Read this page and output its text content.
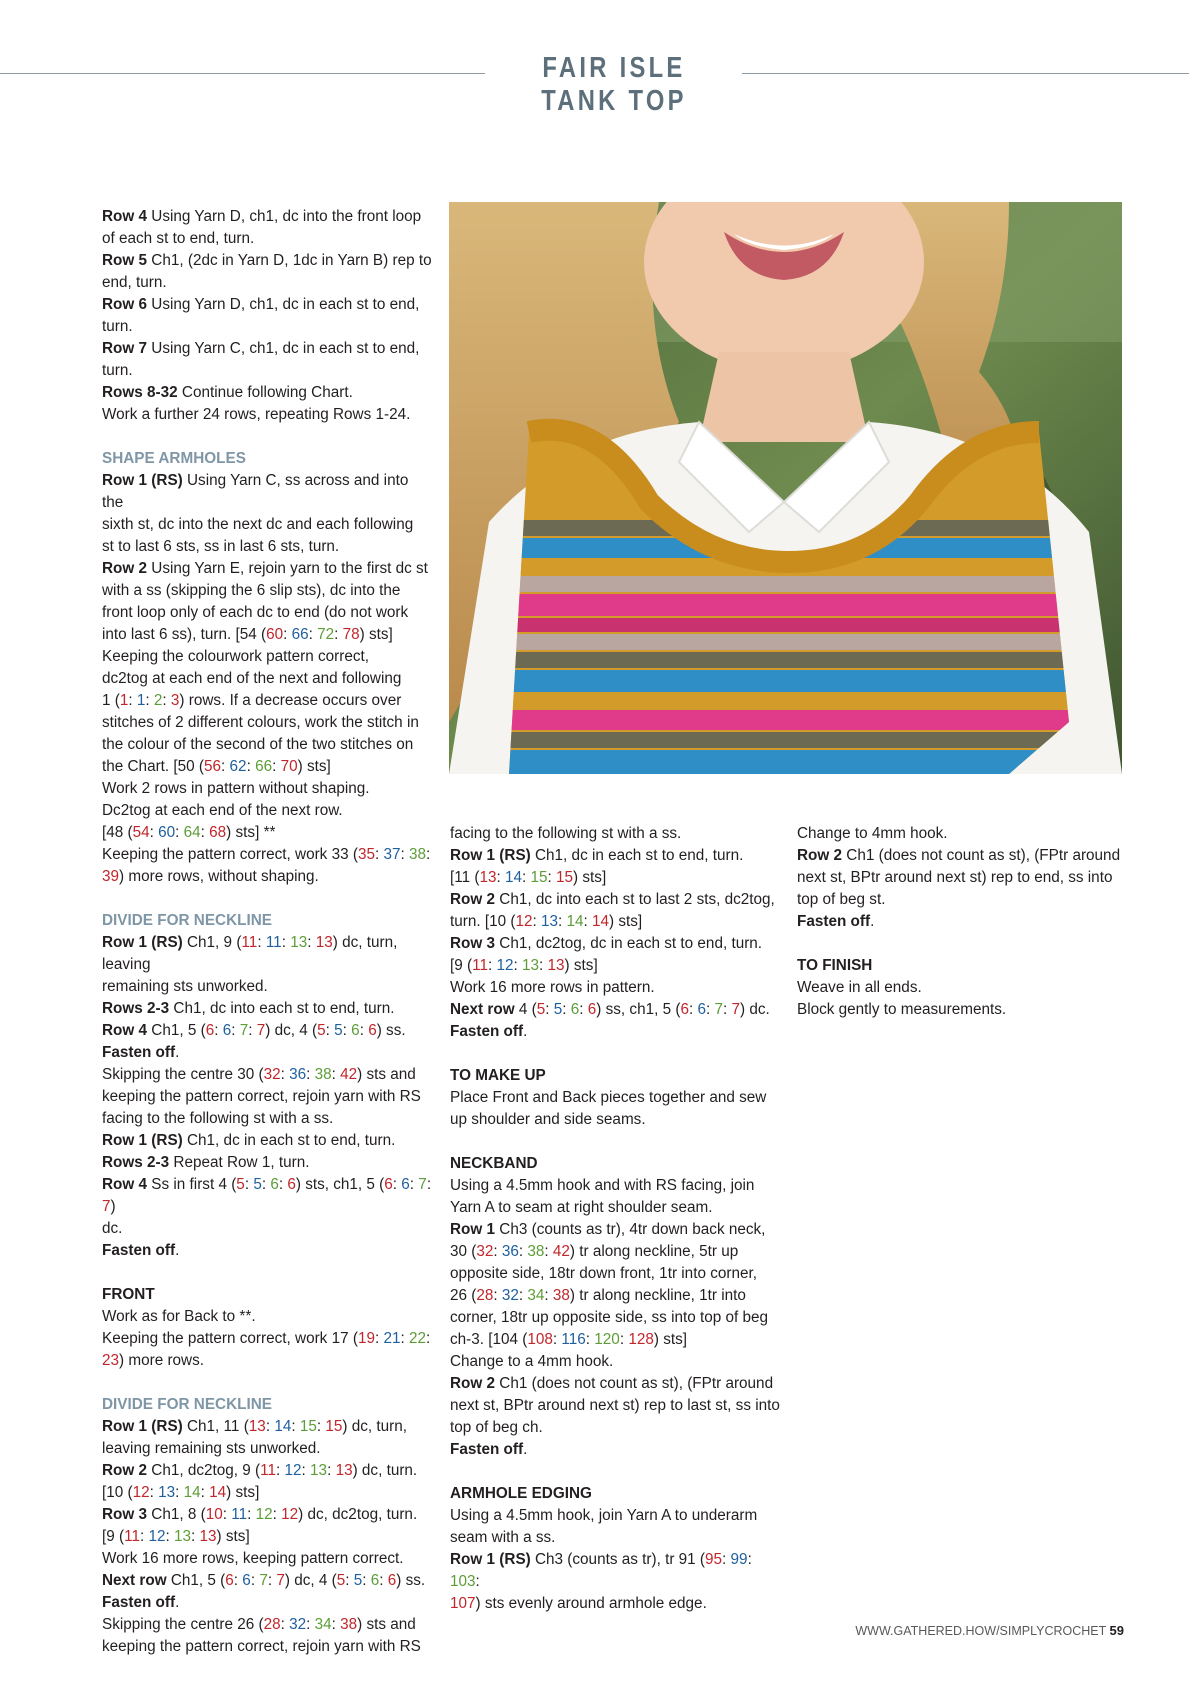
FAIR ISLE TANK TOP

Row 4 Using Yarn D, ch1, dc into the front loop

of each st to end, turn.

Row 5 Ch1, (2dc in Yarn D, 1dc in Yarn B) rep to

end, turn.

Row 6 Using Yarn D, ch1, dc in each st to end,

turn.

Row 7 Using Yarn C, ch1, dc in each st to end,

turn.

Rows 8-32 Continue following Chart.

Work a further 24 rows, repeating Rows 1-24.

SHAPE ARMHOLES

Row 1 (RS) Using Yarn C, ss across and into the

sixth st, dc into the next dc and each following

st to last 6 sts, ss in last 6 sts, turn.

Row 2 Using Yarn E, rejoin yarn to the first dc st

with a ss (skipping the 6 slip sts), dc into the

front loop only of each dc to end (do not work

into last 6 ss), turn. [54 (60: 66: 72: 78) sts]

Keeping the colourwork pattern correct,

dc2tog at each end of the next and following

1 (1: 1: 2: 3) rows. If a decrease occurs over

stitches of 2 different colours, work the stitch in

the colour of the second of the two stitches on

the Chart. [50 (56: 62: 66: 70) sts]

Work 2 rows in pattern without shaping.

Dc2tog at each end of the next row.

[48 (54: 60: 64: 68) sts] **

Keeping the pattern correct, work 33 (35: 37: 38:

39) more rows, without shaping.

DIVIDE FOR NECKLINE

Row 1 (RS) Ch1, 9 (11: 11: 13: 13) dc, turn, leaving

remaining sts unworked.

Rows 2-3 Ch1, dc into each st to end, turn.

Row 4 Ch1, 5 (6: 6: 7: 7) dc, 4 (5: 5: 6: 6) ss.

Fasten off.

Skipping the centre 30 (32: 36: 38: 42) sts and

keeping the pattern correct, rejoin yarn with RS

facing to the following st with a ss.

Row 1 (RS) Ch1, dc in each st to end, turn.

Rows 2-3 Repeat Row 1, turn.

Row 4 Ss in first 4 (5: 5: 6: 6) sts, ch1, 5 (6: 6: 7: 7)

dc.

Fasten off.

FRONT

Work as for Back to **.

Keeping the pattern correct, work 17 (19: 21: 22:

23) more rows.

DIVIDE FOR NECKLINE

Row 1 (RS) Ch1, 11 (13: 14: 15: 15) dc, turn,

leaving remaining sts unworked.

Row 2 Ch1, dc2tog, 9 (11: 12: 13: 13) dc, turn.

[10 (12: 13: 14: 14) sts]

Row 3 Ch1, 8 (10: 11: 12: 12) dc, dc2tog, turn.

[9 (11: 12: 13: 13) sts]

Work 16 more rows, keeping pattern correct.

Next row Ch1, 5 (6: 6: 7: 7) dc, 4 (5: 5: 6: 6) ss.

Fasten off.

Skipping the centre 26 (28: 32: 34: 38) sts and

keeping the pattern correct, rejoin yarn with RS

facing to the following st with a ss.

Row 1 (RS) Ch1, dc in each st to end, turn.

[11 (13: 14: 15: 15) sts]

Row 2 Ch1, dc into each st to last 2 sts, dc2tog,

turn. [10 (12: 13: 14: 14) sts]

Row 3 Ch1, dc2tog, dc in each st to end, turn.

[9 (11: 12: 13: 13) sts]

Work 16 more rows in pattern.

Next row 4 (5: 5: 6: 6) ss, ch1, 5 (6: 6: 7: 7) dc.

Fasten off.

TO MAKE UP

Place Front and Back pieces together and sew

up shoulder and side seams.

NECKBAND

Using a 4.5mm hook and with RS facing, join

Yarn A to seam at right shoulder seam.

Row 1 Ch3 (counts as tr), 4tr down back neck,

30 (32: 36: 38: 42) tr along neckline, 5tr up

opposite side, 18tr down front, 1tr into corner,

26 (28: 32: 34: 38) tr along neckline, 1tr into

corner, 18tr up opposite side, ss into top of beg

ch-3. [104 (108: 116: 120: 128) sts]

Change to a 4mm hook.

Row 2 Ch1 (does not count as st), (FPtr around

next st, BPtr around next st) rep to last st, ss into

top of beg ch.

Fasten off.

ARMHOLE EDGING

Using a 4.5mm hook, join Yarn A to underarm

seam with a ss.

Row 1 (RS) Ch3 (counts as tr), tr 91 (95: 99: 103:

107) sts evenly around armhole edge.

Change to 4mm hook.

Row 2 Ch1 (does not count as st), (FPtr around

next st, BPtr around next st) rep to end, ss into

top of beg st.

Fasten off.

TO FINISH

Weave in all ends.

Block gently to measurements.

WWW.GATHERED.HOW/SIMPLYCROCHET 59
